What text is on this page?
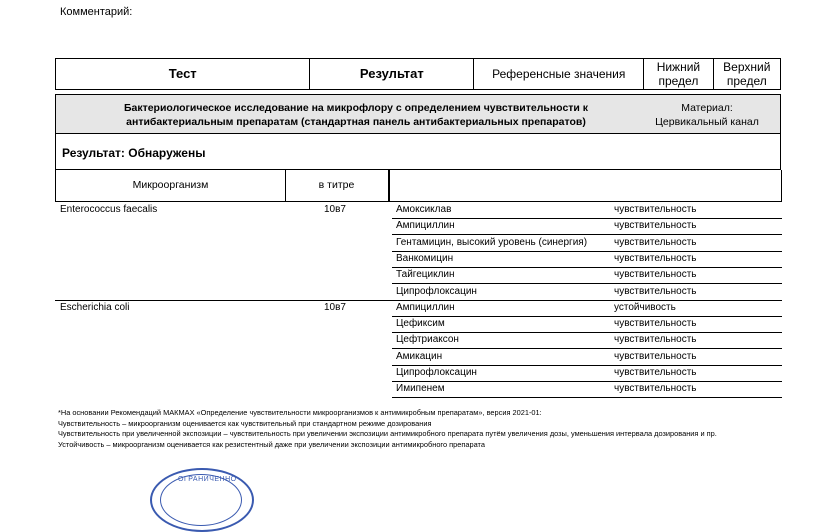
Комментарий:
Тест	Результат	Референсные значения	Нижний предел	Верхний предел
Бактериологическое исследование на микрофлору с определением чувствительности к антибактериальным препаратам (стандартная панель антибактериальных препаратов)
Материал:
Цервикальный канал
Результат: Обнаружены
Микроорганизм	в титре
Enterococcus faecalis	10в7	Амоксиклав	чувствительность
Ампициллин	чувствительность
Гентамицин, высокий уровень (синергия)	чувствительность
Ванкомицин	чувствительность
Тайгециклин	чувствительность
Ципрофлоксацин	чувствительность
Escherichia coli	10в7	Ампициллин	устойчивость
Цефиксим	чувствительность
Цефтриаксон	чувствительность
Амикацин	чувствительность
Ципрофлоксацин	чувствительность
Имипенем	чувствительность
*На основании Рекомендаций МАКМАХ «Определение чувствительности микроорганизмов к антимикробным препаратам», версия 2021-01:
Чувствительность – микроорганизм оценивается как чувствительный при стандартном режиме дозирования
Чувствительность при увеличенной экспозиции – чувствительность при увеличении экспозиции антимикробного препарата путём увеличения дозы, уменьшения интервала дозирования и пр.
Устойчивость – микроорганизм оценивается как резистентный даже при увеличении экспозиции антимикробного препарата
ОГРАНИЧЕННО
